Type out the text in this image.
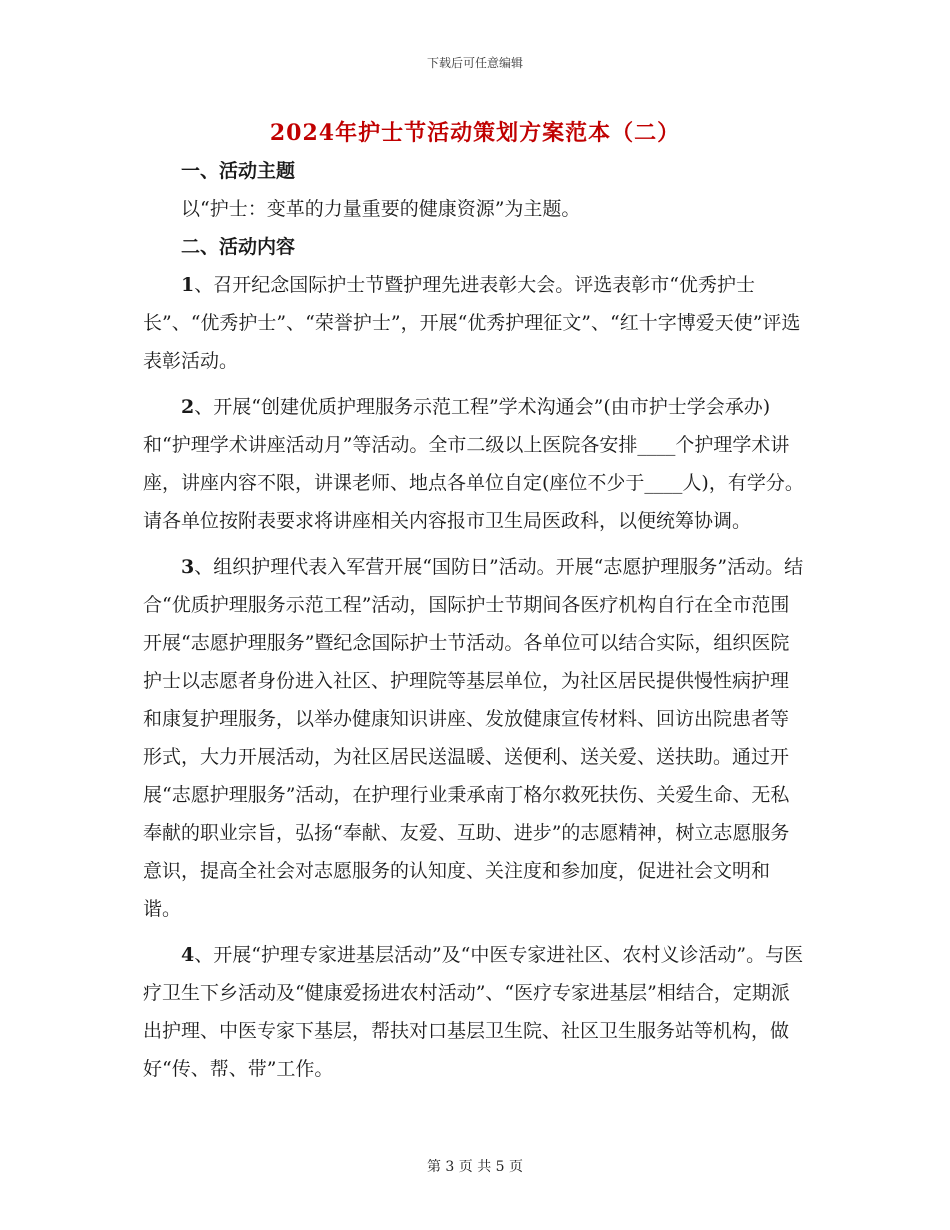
下载后可任意编辑
2024年护士节活动策划方案范本（二）

一、活动主题

以“护士：变革的力量重要的健康资源”为主题。

二、活动内容

1、召开纪念国际护士节暨护理先进表彰大会。评选表彰市“优秀护士长”、“优秀护士”、“荣誉护士”，开展“优秀护理征文”、“红十字博爱天使”评选表彰活动。

2、开展“创建优质护理服务示范工程”学术沟通会”(由市护士学会承办)和“护理学术讲座活动月”等活动。全市二级以上医院各安排____个护理学术讲座，讲座内容不限，讲课老师、地点各单位自定(座位不少于____人)，有学分。请各单位按附表要求将讲座相关内容报市卫生局医政科，以便统筹协调。

3、组织护理代表入军营开展“国防日”活动。开展“志愿护理服务”活动。结合“优质护理服务示范工程”活动，国际护士节期间各医疗机构自行在全市范围开展“志愿护理服务”暨纪念国际护士节活动。各单位可以结合实际，组织医院护士以志愿者身份进入社区、护理院等基层单位，为社区居民提供慢性病护理和康复护理服务，以举办健康知识讲座、发放健康宣传材料、回访出院患者等形式，大力开展活动，为社区居民送温暖、送便利、送关爱、送扶助。通过开展“志愿护理服务”活动，在护理行业秉承南丁格尔救死扶伤、关爱生命、无私奉献的职业宗旨，弘扬“奉献、友爱、互助、进步”的志愿精神，树立志愿服务意识，提高全社会对志愿服务的认知度、关注度和参加度，促进社会文明和谐。

4、开展“护理专家进基层活动”及“中医专家进社区、农村义诊活动”。与医疗卫生下乡活动及“健康爱扬进农村活动”、“医疗专家进基层”相结合，定期派出护理、中医专家下基层，帮扶对口基层卫生院、社区卫生服务站等机构，做好“传、帮、带”工作。

第 3 页 共 5 页
